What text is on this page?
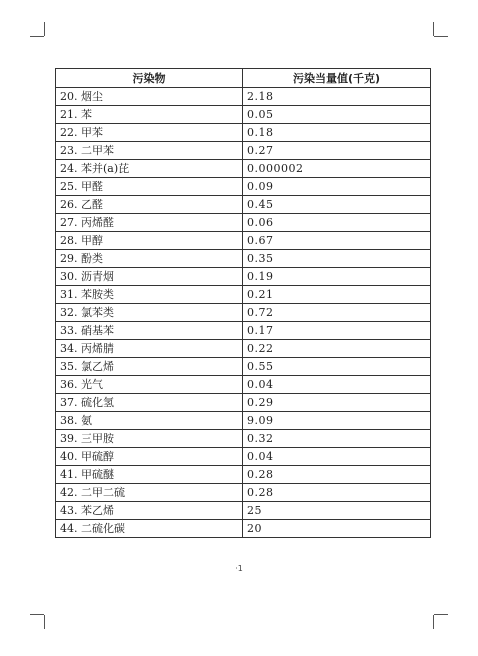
污染物	污染当量值(千克)
20. 烟尘	2.18
21. 苯	0.05
22. 甲苯	0.18
23. 二甲苯	0.27
24. 苯并(a)芘	0.000002
25. 甲醛	0.09
26. 乙醛	0.45
27. 丙烯醛	0.06
28. 甲醇	0.67
29. 酚类	0.35
30. 沥青烟	0.19
31. 苯胺类	0.21
32. 氯苯类	0.72
33. 硝基苯	0.17
34. 丙烯腈	0.22
35. 氯乙烯	0.55
36. 光气	0.04
37. 硫化氢	0.29
38. 氨	9.09
39. 三甲胺	0.32
40. 甲硫醇	0.04
41. 甲硫醚	0.28
42. 二甲二硫	0.28
43. 苯乙烯	25
44. 二硫化碳	20
·1
